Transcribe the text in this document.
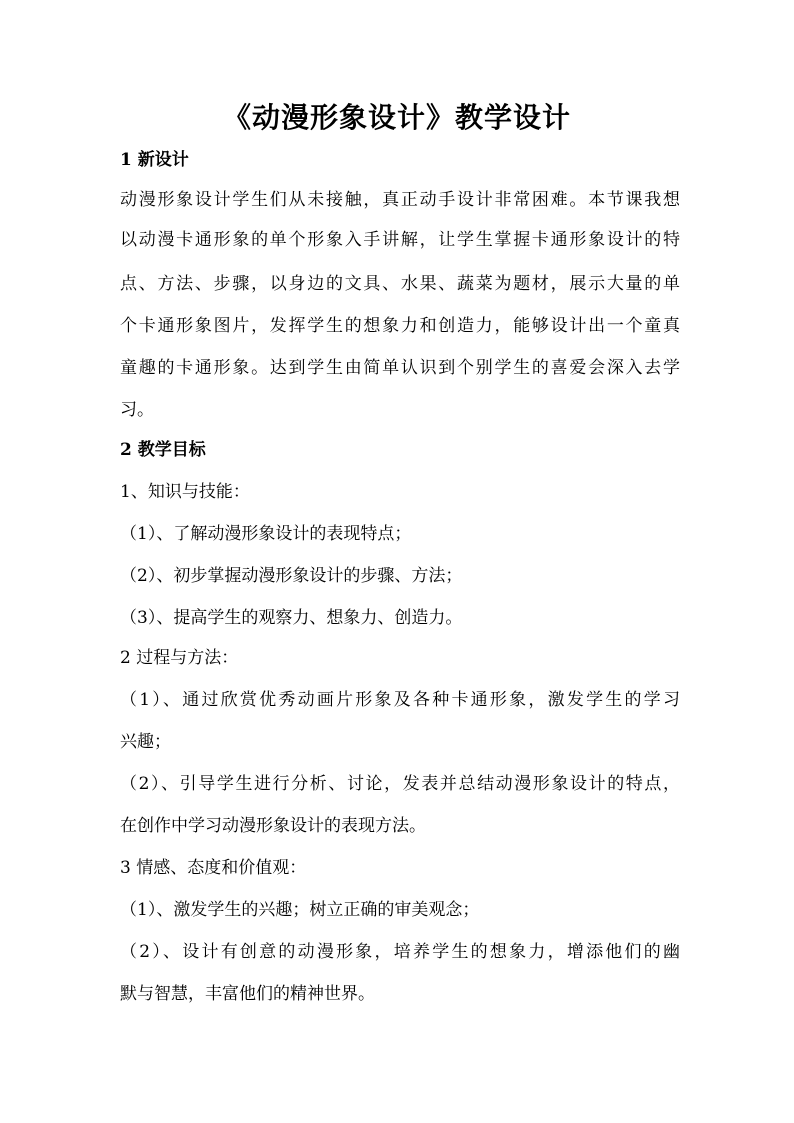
《动漫形象设计》教学设计
1 新设计
动漫形象设计学生们从未接触，真正动手设计非常困难。本节课我想
以动漫卡通形象的单个形象入手讲解，让学生掌握卡通形象设计的特
点、方法、步骤，以身边的文具、水果、蔬菜为题材，展示大量的单
个卡通形象图片，发挥学生的想象力和创造力，能够设计出一个童真
童趣的卡通形象。达到学生由简单认识到个别学生的喜爱会深入去学
习。
2 教学目标
1、知识与技能：
（1）、了解动漫形象设计的表现特点；
（2）、初步掌握动漫形象设计的步骤、方法；
（3）、提高学生的观察力、想象力、创造力。
2 过程与方法：
（1）、通过欣赏优秀动画片形象及各种卡通形象，激发学生的学习
兴趣；
（2）、引导学生进行分析、讨论，发表并总结动漫形象设计的特点，
在创作中学习动漫形象设计的表现方法。
3 情感、态度和价值观：
（1）、激发学生的兴趣；树立正确的审美观念；
（2）、设计有创意的动漫形象，培养学生的想象力，增添他们的幽
默与智慧，丰富他们的精神世界。
